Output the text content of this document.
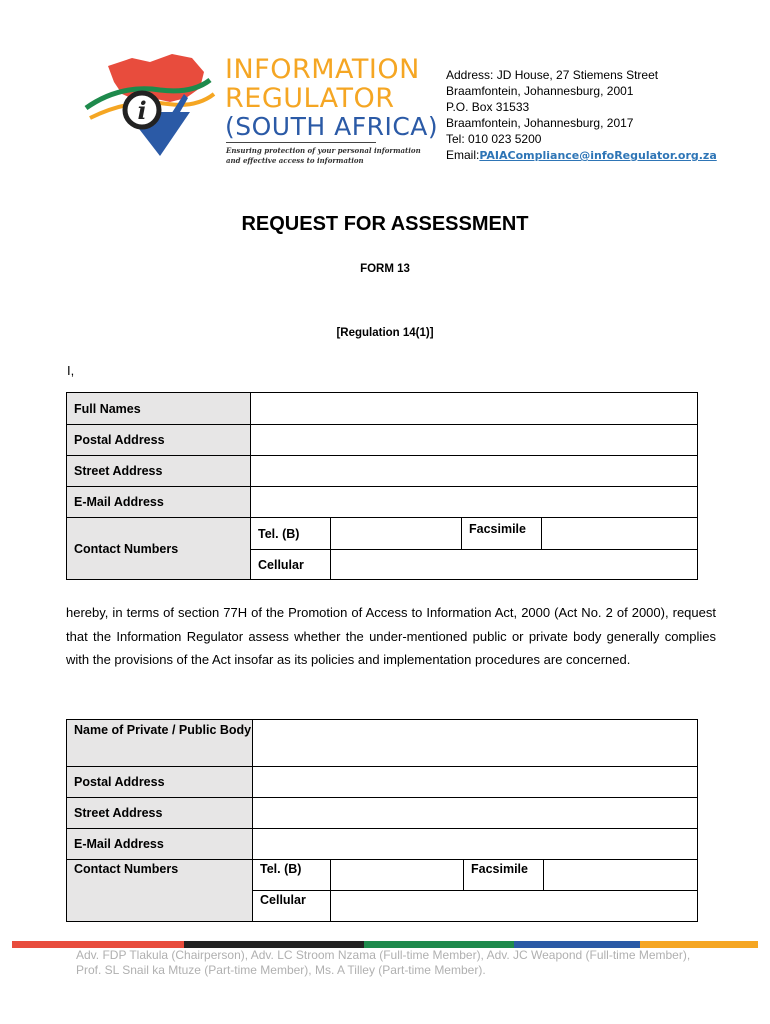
i
INFORMATION
REGULATOR
(SOUTH AFRICA)
Ensuring protection of your personal information
and effective access to information
Address: JD House, 27 Stiemens Street
Braamfontein, Johannesburg, 2001
P.O. Box 31533
Braamfontein, Johannesburg, 2017
Tel: 010 023 5200
Email:PAIACompliance@infoRegulator.org.za
REQUEST FOR ASSESSMENT
FORM 13
[Regulation 14(1)]
I,
Full Names				
Postal Address				
Street Address				
E-Mail Address				
Contact Numbers	Tel. (B)		Facsimile	
	Cellular			
hereby, in terms of section 77H of the Promotion of Access to Information Act, 2000 (Act No. 2 of 2000), request that the Information Regulator assess whether the under-mentioned public or private body generally complies with the provisions of the Act insofar as its policies and implementation procedures are concerned.
Name of Private / Public Body				
Postal Address				
Street Address				
E-Mail Address				
Contact Numbers	Tel. (B)		Facsimile	
	Cellular			
Adv. FDP Tlakula (Chairperson), Adv. LC Stroom Nzama (Full-time Member), Adv. JC Weapond (Full-time Member), Prof. SL Snail ka Mtuze (Part-time Member), Ms. A Tilley (Part-time Member).
